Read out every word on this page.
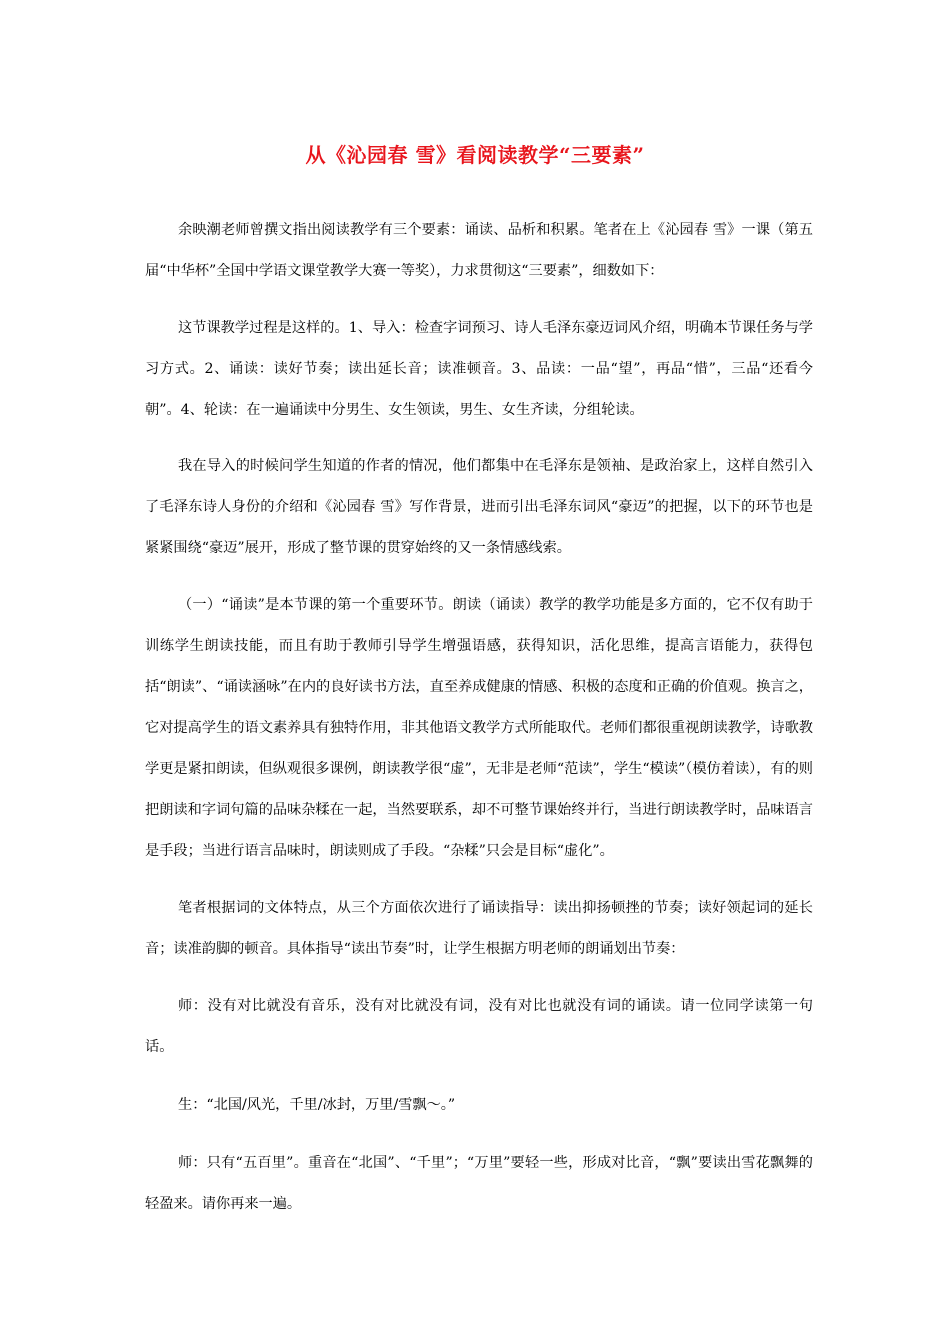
从《沁园春 雪》看阅读教学“三要素”
余映潮老师曾撰文指出阅读教学有三个要素：诵读、品析和积累。笔者在上《沁园春 雪》一课（第五届“中华杯”全国中学语文课堂教学大赛一等奖），力求贯彻这“三要素”，细数如下：
这节课教学过程是这样的。1、导入：检查字词预习、诗人毛泽东豪迈词风介绍，明确本节课任务与学习方式。2、诵读：读好节奏；读出延长音；读准顿音。3、品读：一品“望”，再品“惜”，三品“还看今朝”。4、轮读：在一遍诵读中分男生、女生领读，男生、女生齐读，分组轮读。
我在导入的时候问学生知道的作者的情况，他们都集中在毛泽东是领袖、是政治家上，这样自然引入了毛泽东诗人身份的介绍和《沁园春 雪》写作背景，进而引出毛泽东词风“豪迈”的把握，以下的环节也是紧紧围绕“豪迈”展开，形成了整节课的贯穿始终的又一条情感线索。
（一）“诵读”是本节课的第一个重要环节。朗读（诵读）教学的教学功能是多方面的，它不仅有助于训练学生朗读技能，而且有助于教师引导学生增强语感，获得知识，活化思维，提高言语能力，获得包括“朗读”、“诵读涵咏”在内的良好读书方法，直至养成健康的情感、积极的态度和正确的价值观。换言之，它对提高学生的语文素养具有独特作用，非其他语文教学方式所能取代。老师们都很重视朗读教学，诗歌教学更是紧扣朗读，但纵观很多课例，朗读教学很“虚”，无非是老师“范读”，学生“模读”（模仿着读），有的则把朗读和字词句篇的品味杂糅在一起，当然要联系，却不可整节课始终并行，当进行朗读教学时，品味语言是手段；当进行语言品味时，朗读则成了手段。“杂糅”只会是目标“虚化”。
笔者根据词的文体特点，从三个方面依次进行了诵读指导：读出抑扬顿挫的节奏；读好领起词的延长音；读准韵脚的顿音。具体指导“读出节奏”时，让学生根据方明老师的朗诵划出节奏：
师：没有对比就没有音乐，没有对比就没有词，没有对比也就没有词的诵读。请一位同学读第一句话。
生：“北国/风光，千里/冰封，万里/雪飘～。”
师：只有“五百里”。重音在“北国”、“千里”；“万里”要轻一些，形成对比音，“飘”要读出雪花飘舞的轻盈来。请你再来一遍。
